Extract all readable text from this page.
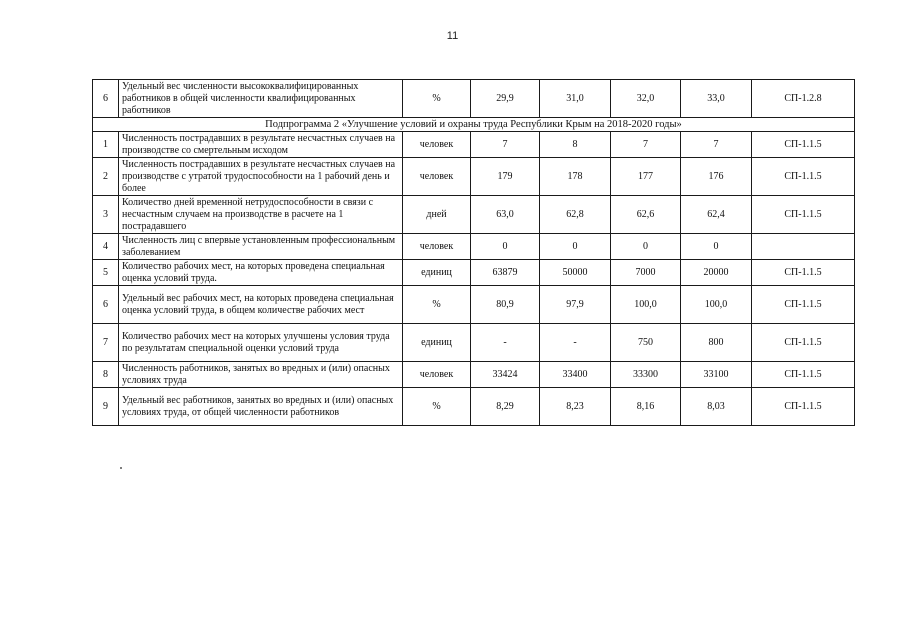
11
6	Удельный вес численности высококвалифицированных работников в общей численности квалифицированных работников	%	29,9	31,0	32,0	33,0	СП-1.2.8
Подпрограмма 2 «Улучшение условий и охраны труда Республики Крым на 2018-2020 годы»							
1	Численность пострадавших в результате несчастных случаев на производстве со смертельным исходом	человек	7	8	7	7	СП-1.1.5
2	Численность пострадавших в результате несчастных случаев на производстве с утратой трудоспособности на 1 рабочий день и более	человек	179	178	177	176	СП-1.1.5
3	Количество дней временной нетрудоспособности в связи с несчастным случаем на производстве в расчете на 1 пострадавшего	дней	63,0	62,8	62,6	62,4	СП-1.1.5
4	Численность лиц с впервые установленным профессиональным заболеванием	человек	0	0	0	0	
5	Количество рабочих мест, на которых проведена специальная оценка условий труда.	единиц	63879	50000	7000	20000	СП-1.1.5
6	Удельный вес рабочих мест, на которых проведена специальная оценка условий труда, в общем количестве рабочих мест	%	80,9	97,9	100,0	100,0	СП-1.1.5
7	Количество рабочих мест на которых улучшены условия труда по результатам специальной оценки условий труда	единиц	-	-	750	800	СП-1.1.5
8	Численность работников, занятых во вредных и (или) опасных условиях труда	человек	33424	33400	33300	33100	СП-1.1.5
9	Удельный вес работников, занятых во вредных и (или) опасных условиях труда, от общей численности работников	%	8,29	8,23	8,16	8,03	СП-1.1.5
